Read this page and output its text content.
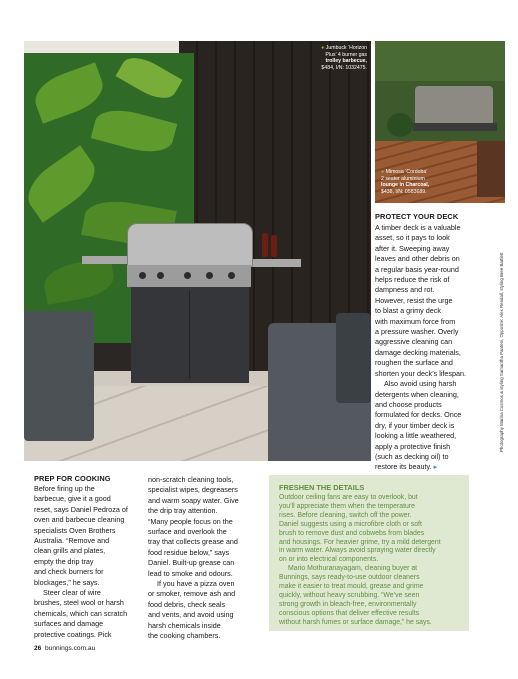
● Jumbuck ‘Horizon
Plus’ 4 burner gas
trolley barbecue,
$484, I/N: 1032475.
● Mimosa ‘Cordoba’
2 seater aluminium
lounge in Charcoal,
$438, I/N: 0583689.
PROTECT YOUR DECK
A timber deck is a valuable
asset, so it pays to look
after it. Sweeping away
leaves and other debris on
a regular basis year-round
helps reduce the risk of
dampness and rot.
However, resist the urge
to blast a grimy deck
with maximum force from
a pressure washer. Overly
aggressive cleaning can
damage decking materials,
roughen the surface and
shorten your deck’s lifespan.
Also avoid using harsh
detergents when cleaning,
and choose products
formulated for decks. Once
dry, if your timber deck is
looking a little weathered,
apply a protective finish
(such as decking oil) to
restore its beauty. ▸
PREP FOR COOKING
Before firing up the
barbecue, give it a good
reset, says Daniel Pedroza of
oven and barbecue cleaning
specialists Oven Brothers
Australia. “Remove and
clean grills and plates,
empty the drip tray
and check burners for
blockages,” he says.
Steer clear of wire
brushes, steel wool or harsh
chemicals, which can scratch
surfaces and damage
protective coatings. Pick
non-scratch cleaning tools,
specialist wipes, degreasers
and warm soapy water. Give
the drip tray attention.
“Many people focus on the
surface and overlook the
tray that collects grease and
food residue below,” says
Daniel. Built-up grease can
lead to smoke and odours.
If you have a pizza oven
or smoker, remove ash and
food debris, check seals
and vents, and avoid using
harsh chemicals inside
the cooking chambers.
FRESHEN THE DETAILS

Outdoor ceiling fans are easy to overlook, but

you’ll appreciate them when the temperature

rises. Before cleaning, switch off the power.

Daniel suggests using a microfibre cloth or soft

brush to remove dust and cobwebs from blades

and housings. For heavier grime, try a mild detergent

in warm water. Always avoid spraying water directly

on or into electrical components.

Mario Mothuranayagam, cleaning buyer at

Bunnings, says ready-to-use outdoor cleaners

make it easier to treat mould, grease and grime

quickly, without heavy scrubbing. “We’ve seen

strong growth in bleach-free, environmentally

conscious options that deliver effective results

without harsh fumes or surface damage,” he says.

Photography Marina Cosmos & styling Samantha Pardesi, Opposite: Alex Rendall, styling Bree Bartlett
26 bunnings.com.au
